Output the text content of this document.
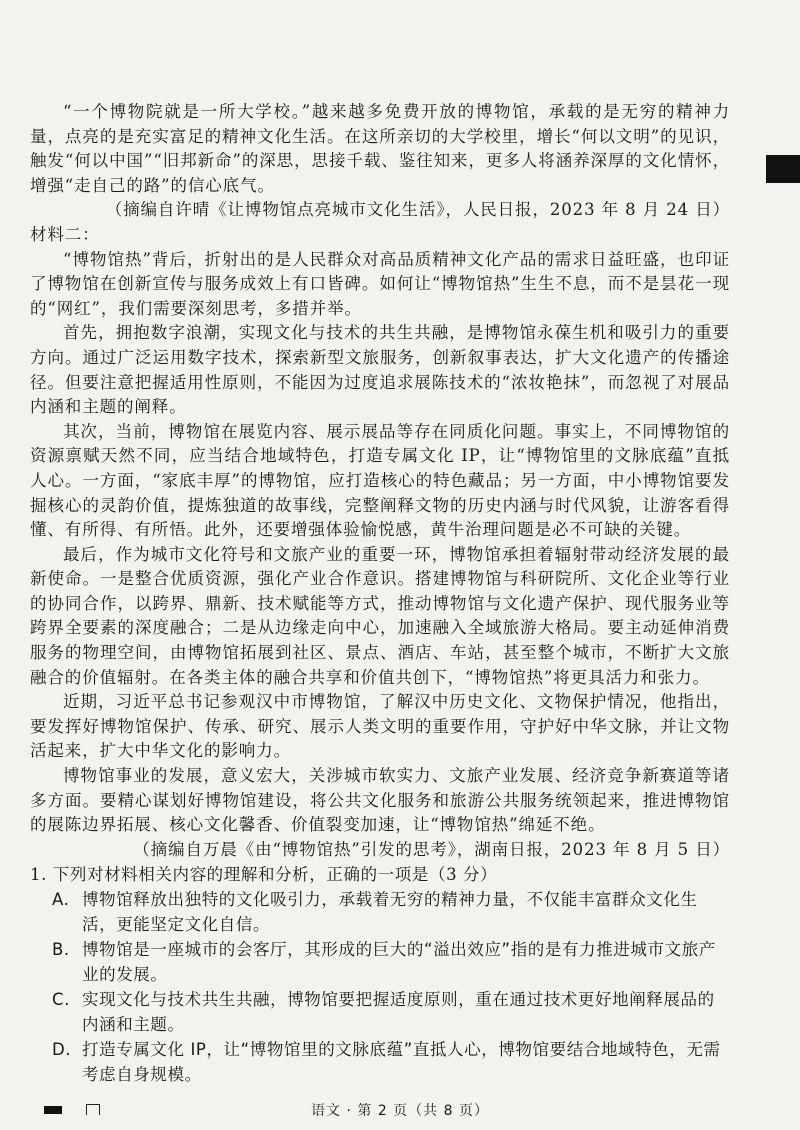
“一个博物院就是一所大学校。”越来越多免费开放的博物馆，承载的是无穷的精神力量，点亮的是充实富足的精神文化生活。在这所亲切的大学校里，增长“何以文明”的见识，触发“何以中国”“旧邦新命”的深思，思接千载、鉴往知来，更多人将涵养深厚的文化情怀，增强“走自己的路”的信心底气。

（摘编自许晴《让博物馆点亮城市文化生活》，人民日报，2023 年 8 月 24 日）

材料二：

“博物馆热”背后，折射出的是人民群众对高品质精神文化产品的需求日益旺盛，也印证了博物馆在创新宣传与服务成效上有口皆碑。如何让“博物馆热”生生不息，而不是昙花一现的“网红”，我们需要深刻思考，多措并举。

首先，拥抱数字浪潮，实现文化与技术的共生共融，是博物馆永葆生机和吸引力的重要方向。通过广泛运用数字技术，探索新型文旅服务，创新叙事表达，扩大文化遗产的传播途径。但要注意把握适用性原则，不能因为过度追求展陈技术的“浓妆艳抹”，而忽视了对展品内涵和主题的阐释。

其次，当前，博物馆在展览内容、展示展品等存在同质化问题。事实上，不同博物馆的资源禀赋天然不同，应当结合地域特色，打造专属文化 IP，让“博物馆里的文脉底蕴”直抵人心。一方面，“家底丰厚”的博物馆，应打造核心的特色藏品；另一方面，中小博物馆要发掘核心的灵韵价值，提炼独道的故事线，完整阐释文物的历史内涵与时代风貌，让游客看得懂、有所得、有所悟。此外，还要增强体验愉悦感，黄牛治理问题是必不可缺的关键。

最后，作为城市文化符号和文旅产业的重要一环，博物馆承担着辐射带动经济发展的最新使命。一是整合优质资源，强化产业合作意识。搭建博物馆与科研院所、文化企业等行业的协同合作，以跨界、鼎新、技术赋能等方式，推动博物馆与文化遗产保护、现代服务业等跨界全要素的深度融合；二是从边缘走向中心，加速融入全域旅游大格局。要主动延伸消费服务的物理空间，由博物馆拓展到社区、景点、酒店、车站，甚至整个城市，不断扩大文旅融合的价值辐射。在各类主体的融合共享和价值共创下，“博物馆热”将更具活力和张力。

近期，习近平总书记参观汉中市博物馆，了解汉中历史文化、文物保护情况，他指出，要发挥好博物馆保护、传承、研究、展示人类文明的重要作用，守护好中华文脉，并让文物活起来，扩大中华文化的影响力。

博物馆事业的发展，意义宏大，关涉城市软实力、文旅产业发展、经济竞争新赛道等诸多方面。要精心谋划好博物馆建设，将公共文化服务和旅游公共服务统领起来，推进博物馆的展陈边界拓展、核心文化馨香、价值裂变加速，让“博物馆热”绵延不绝。

（摘编自万晨《由“博物馆热”引发的思考》，湖南日报，2023 年 8 月 5 日）

1. 下列对材料相关内容的理解和分析，正确的一项是（3 分）

A. 博物馆释放出独特的文化吸引力，承载着无穷的精神力量，不仅能丰富群众文化生活，更能坚定文化自信。
B. 博物馆是一座城市的会客厅，其形成的巨大的“溢出效应”指的是有力推进城市文旅产业的发展。
C. 实现文化与技术共生共融，博物馆要把握适度原则，重在通过技术更好地阐释展品的内涵和主题。
D. 打造专属文化 IP，让“博物馆里的文脉底蕴”直抵人心，博物馆要结合地域特色，无需考虑自身规模。
语文 · 第 2 页（共 8 页）
